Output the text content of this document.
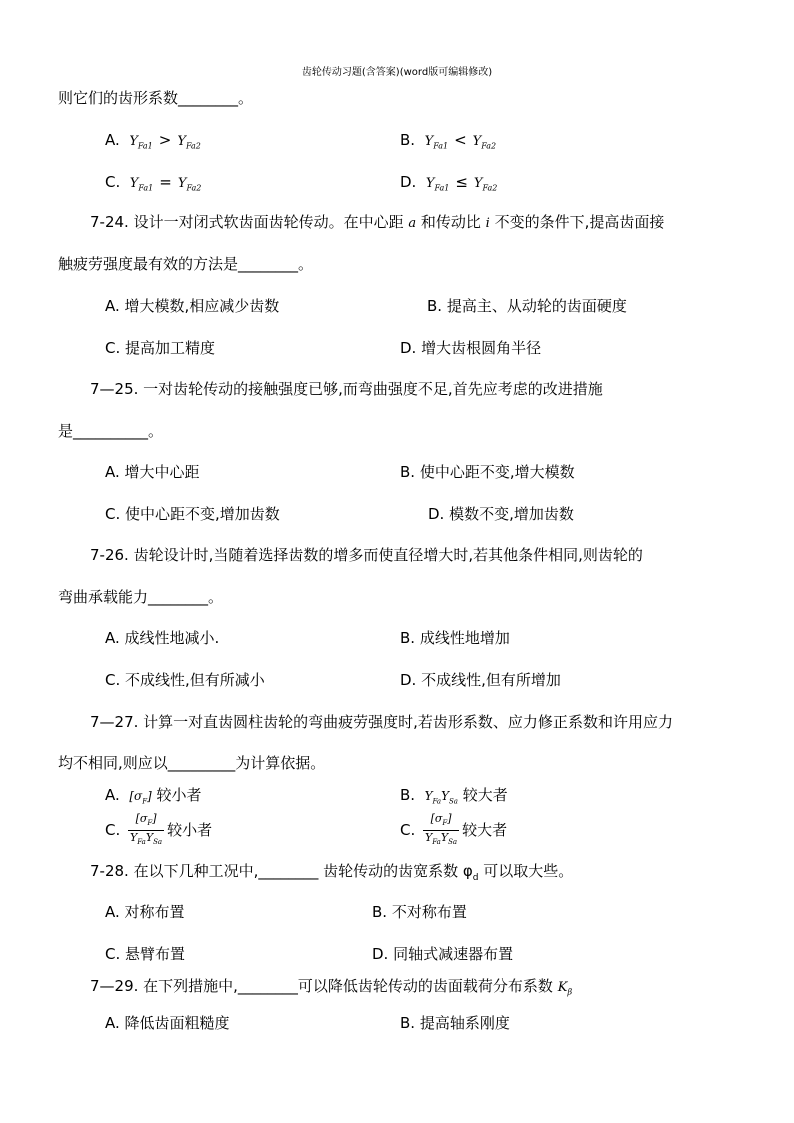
齿轮传动习题(含答案)(word版可编辑修改)
则它们的齿形系数________。
A. $Y_{Fa1} > Y_{Fa2}$	B. $Y_{Fa1} < Y_{Fa2}$
C. $Y_{Fa1} = Y_{Fa2}$	D. $Y_{Fa1} \le Y_{Fa2}$
7-24. 设计一对闭式软齿面齿轮传动。在中心距 a 和传动比 i 不变的条件下,提高齿面接
触疲劳强度最有效的方法是________。
A. 增大模数,相应减少齿数	B. 提高主、从动轮的齿面硬度
C. 提高加工精度	D. 增大齿根圆角半径
7—25. 一对齿轮传动的接触强度已够,而弯曲强度不足,首先应考虑的改进措施
是__________。
A. 增大中心距	B. 使中心距不变,增大模数
C. 使中心距不变,增加齿数	D. 模数不变,增加齿数
7-26. 齿轮设计时,当随着选择齿数的增多而使直径增大时,若其他条件相同,则齿轮的
弯曲承载能力________。
A. 成线性地减小.	B. 成线性地增加
C. 不成线性,但有所减小	D. 不成线性,但有所增加
7—27. 计算一对直齿圆柱齿轮的弯曲疲劳强度时,若齿形系数、应力修正系数和许用应力
均不相同,则应以_________为计算依据。
A. $[\sigma_F]$ 较小者	B. $Y_{Fa}Y_{Sa}$ 较大者
C. $\frac{[\sigma_F]}{Y_{Fa}Y_{Sa}}$ 较小者	C. $\frac{[\sigma_F]}{Y_{Fa}Y_{Sa}}$ 较大者
7-28. 在以下几种工况中,________ 齿轮传动的齿宽系数 $\varphi_d$ 可以取大些。
A. 对称布置	B. 不对称布置
C. 悬臂布置	D. 同轴式减速器布置
7—29. 在下列措施中,________可以降低齿轮传动的齿面载荷分布系数 $K_\beta$
A. 降低齿面粗糙度	B. 提高轴系刚度
